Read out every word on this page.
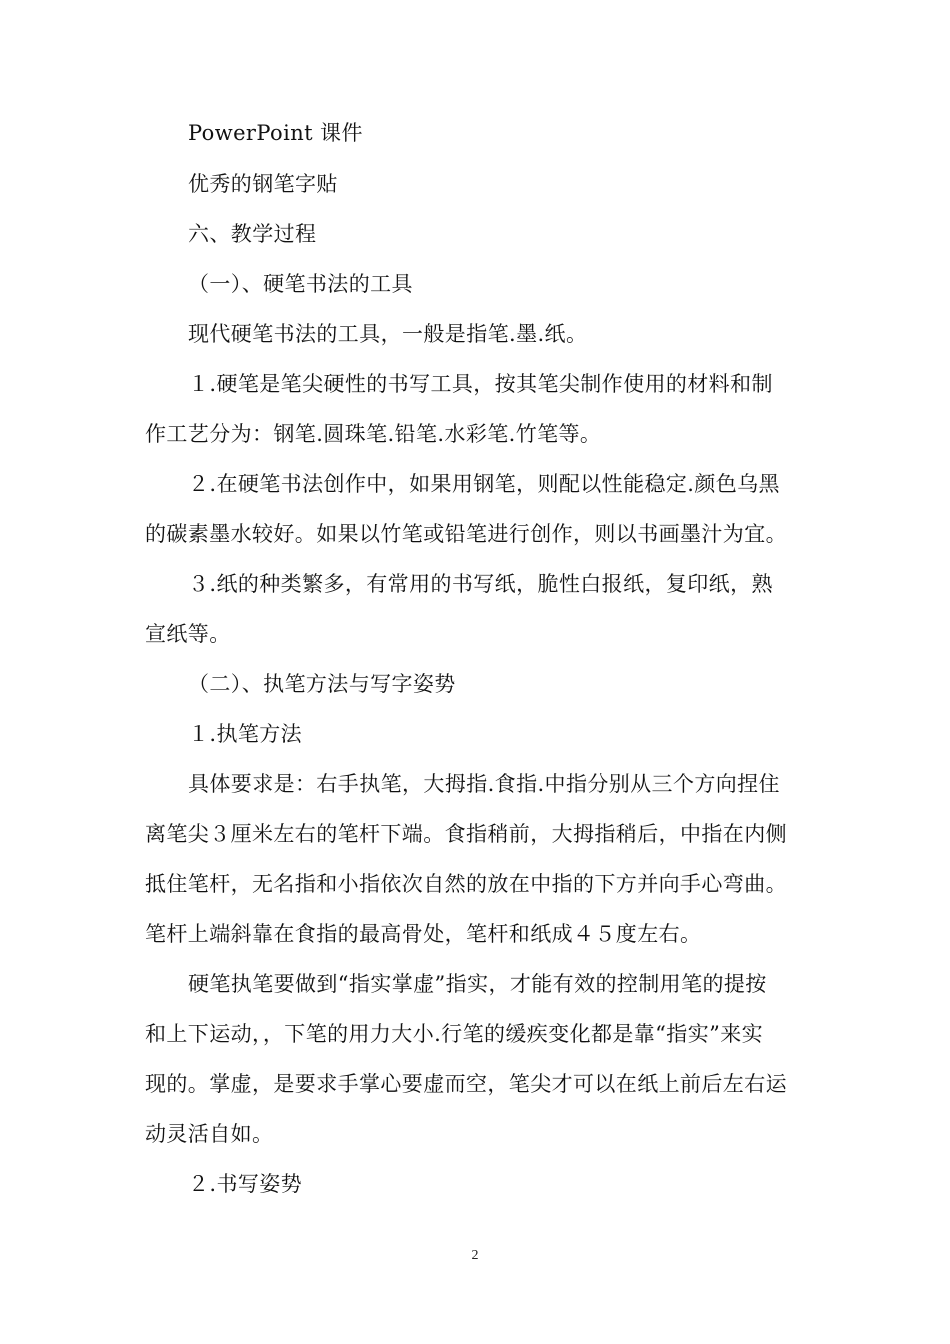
PowerPoint 课件
优秀的钢笔字贴
六、教学过程
（一）、硬笔书法的工具
现代硬笔书法的工具，一般是指笔.墨.纸。
１.硬笔是笔尖硬性的书写工具，按其笔尖制作使用的材料和制
作工艺分为：钢笔.圆珠笔.铅笔.水彩笔.竹笔等。
２.在硬笔书法创作中，如果用钢笔，则配以性能稳定.颜色乌黑
的碳素墨水较好。如果以竹笔或铅笔进行创作，则以书画墨汁为宜。
３.纸的种类繁多，有常用的书写纸，脆性白报纸，复印纸，熟
宣纸等。
（二）、执笔方法与写字姿势
１.执笔方法
具体要求是：右手执笔，大拇指.食指.中指分别从三个方向捏住
离笔尖３厘米左右的笔杆下端。食指稍前，大拇指稍后，中指在内侧
抵住笔杆，无名指和小指依次自然的放在中指的下方并向手心弯曲。
笔杆上端斜靠在食指的最高骨处，笔杆和纸成４５度左右。
硬笔执笔要做到“指实掌虚”指实，才能有效的控制用笔的提按
和上下运动，，下笔的用力大小.行笔的缓疾变化都是靠“指实”来实
现的。掌虚，是要求手掌心要虚而空，笔尖才可以在纸上前后左右运
动灵活自如。
２.书写姿势
2
